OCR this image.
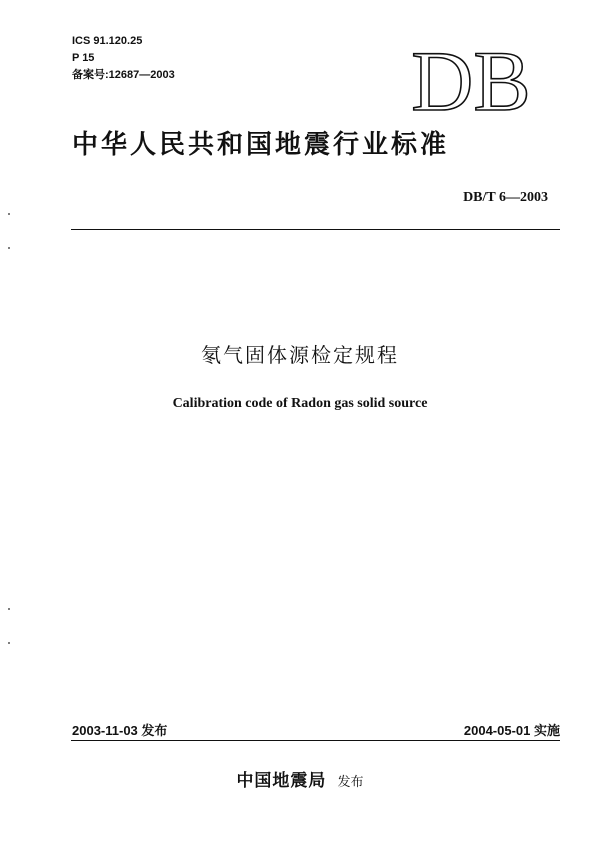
ICS 91.120.25
P 15
备案号:12687—2003	DB
中华人民共和国地震行业标准
DB/T 6—2003
氡气固体源检定规程
Calibration code of Radon gas solid source
2003-11-03 发布	2004-05-01 实施
中国地震局 发布
